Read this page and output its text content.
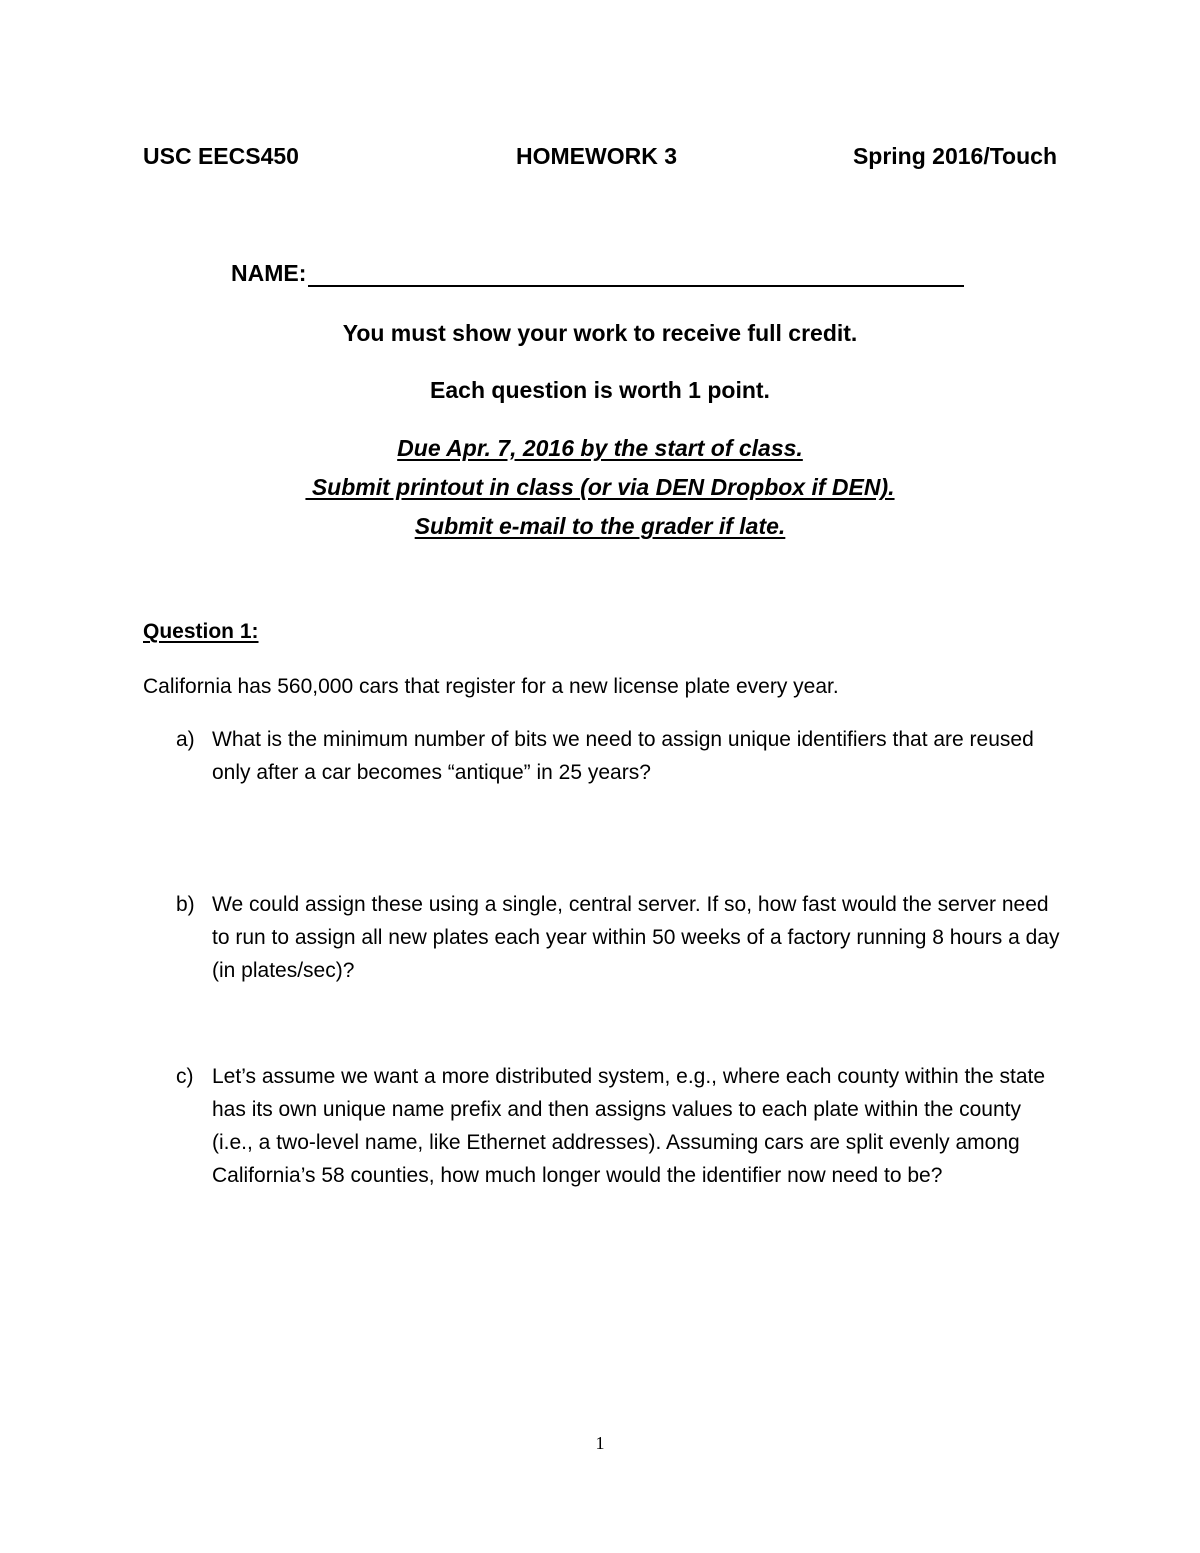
USC EECS450	HOMEWORK 3	Spring 2016/Touch
NAME:
You must show your work to receive full credit.
Each question is worth 1 point.
Due Apr. 7, 2016 by the start of class.
Submit printout in class (or via DEN Dropbox if DEN).
Submit e-mail to the grader if late.
Question 1:
California has 560,000 cars that register for a new license plate every year.
a) What is the minimum number of bits we need to assign unique identifiers that are reused only after a car becomes “antique” in 25 years?
b) We could assign these using a single, central server. If so, how fast would the server need to run to assign all new plates each year within 50 weeks of a factory running 8 hours a day (in plates/sec)?
c) Let’s assume we want a more distributed system, e.g., where each county within the state has its own unique name prefix and then assigns values to each plate within the county (i.e., a two-level name, like Ethernet addresses). Assuming cars are split evenly among California’s 58 counties, how much longer would the identifier now need to be?
1
